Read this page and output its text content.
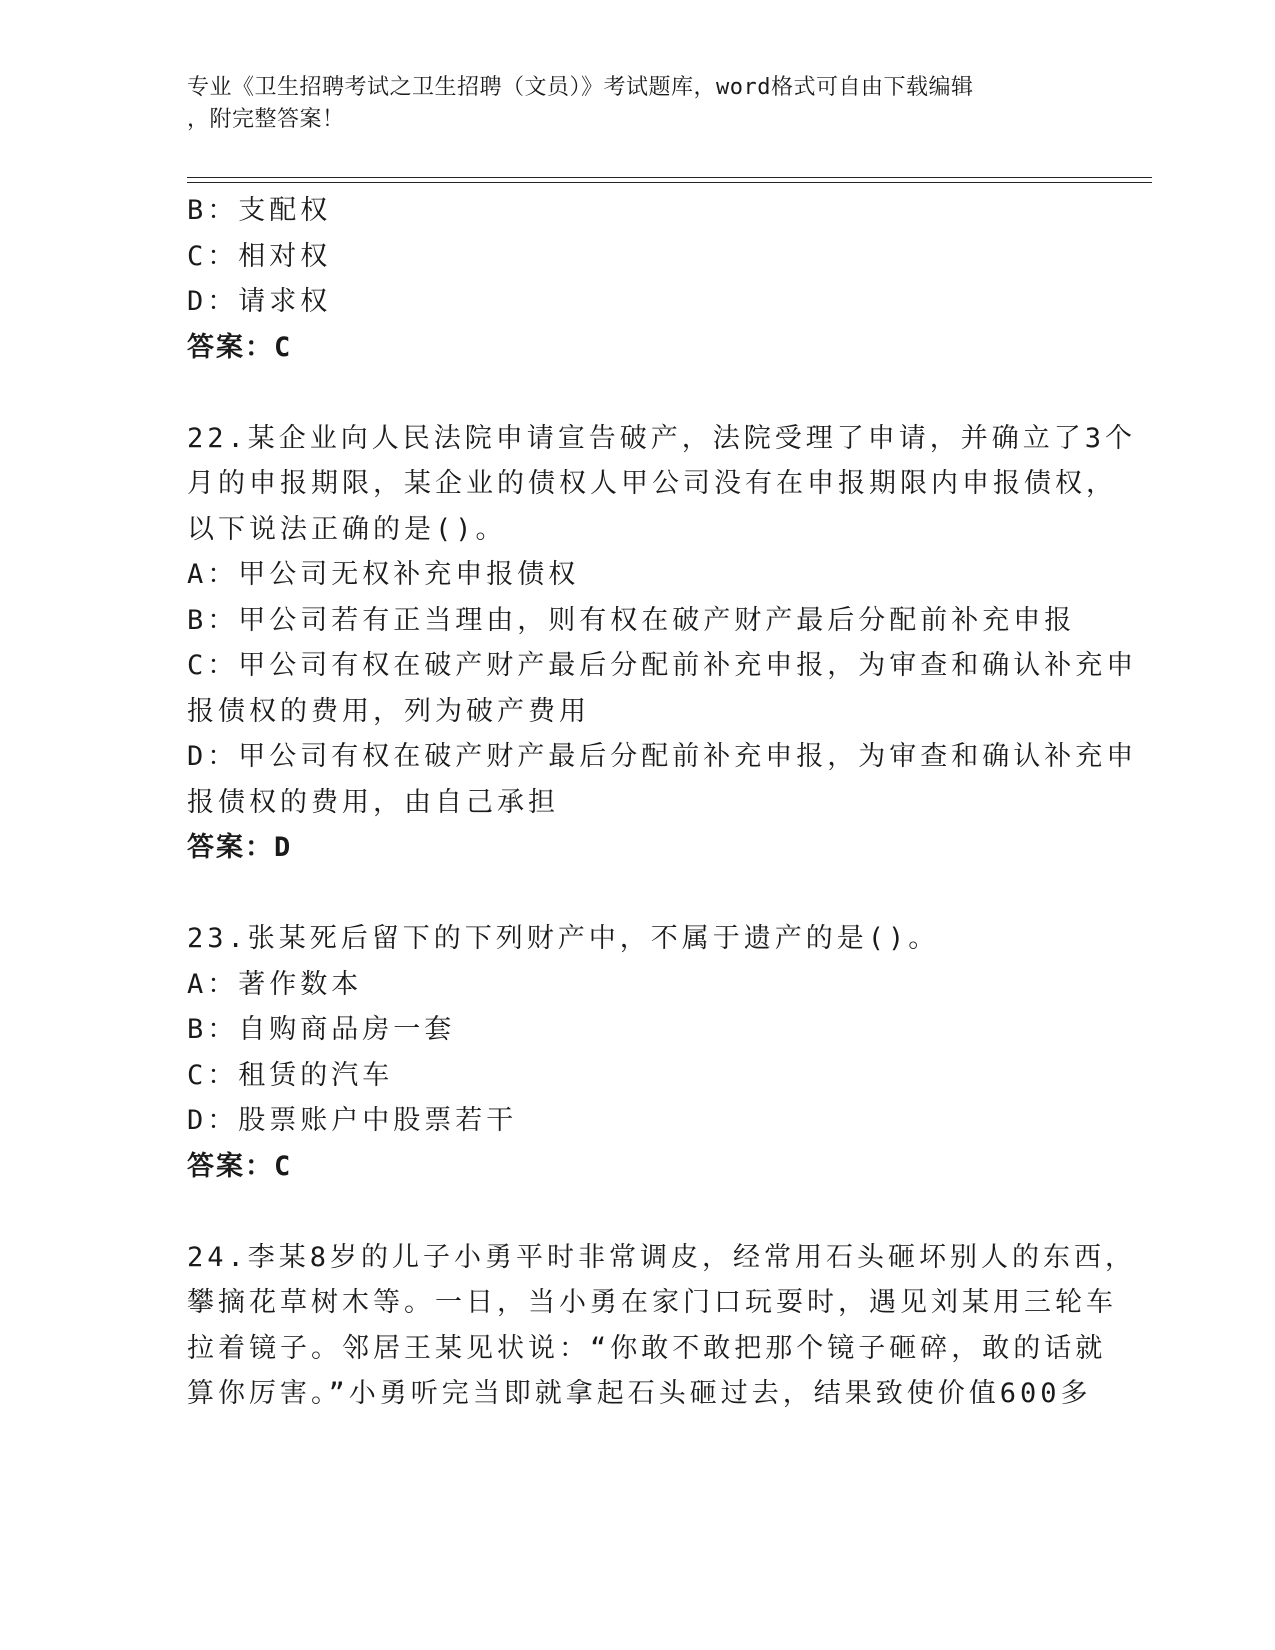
专业《卫生招聘考试之卫生招聘（文员）》考试题库，word格式可自由下载编辑
，附完整答案！
B：支配权
C：相对权
D：请求权
答案：C
22.某企业向人民法院申请宣告破产，法院受理了申请，并确立了3个
月的申报期限，某企业的债权人甲公司没有在申报期限内申报债权，
以下说法正确的是()。
A：甲公司无权补充申报债权
B：甲公司若有正当理由，则有权在破产财产最后分配前补充申报
C：甲公司有权在破产财产最后分配前补充申报，为审查和确认补充申
报债权的费用，列为破产费用
D：甲公司有权在破产财产最后分配前补充申报，为审查和确认补充申
报债权的费用，由自己承担
答案：D
23.张某死后留下的下列财产中，不属于遗产的是()。
A：著作数本
B：自购商品房一套
C：租赁的汽车
D：股票账户中股票若干
答案：C
24.李某8岁的儿子小勇平时非常调皮，经常用石头砸坏别人的东西，
攀摘花草树木等。一日，当小勇在家门口玩耍时，遇见刘某用三轮车
拉着镜子。邻居王某见状说：“你敢不敢把那个镜子砸碎，敢的话就
算你厉害。”小勇听完当即就拿起石头砸过去，结果致使价值600多
